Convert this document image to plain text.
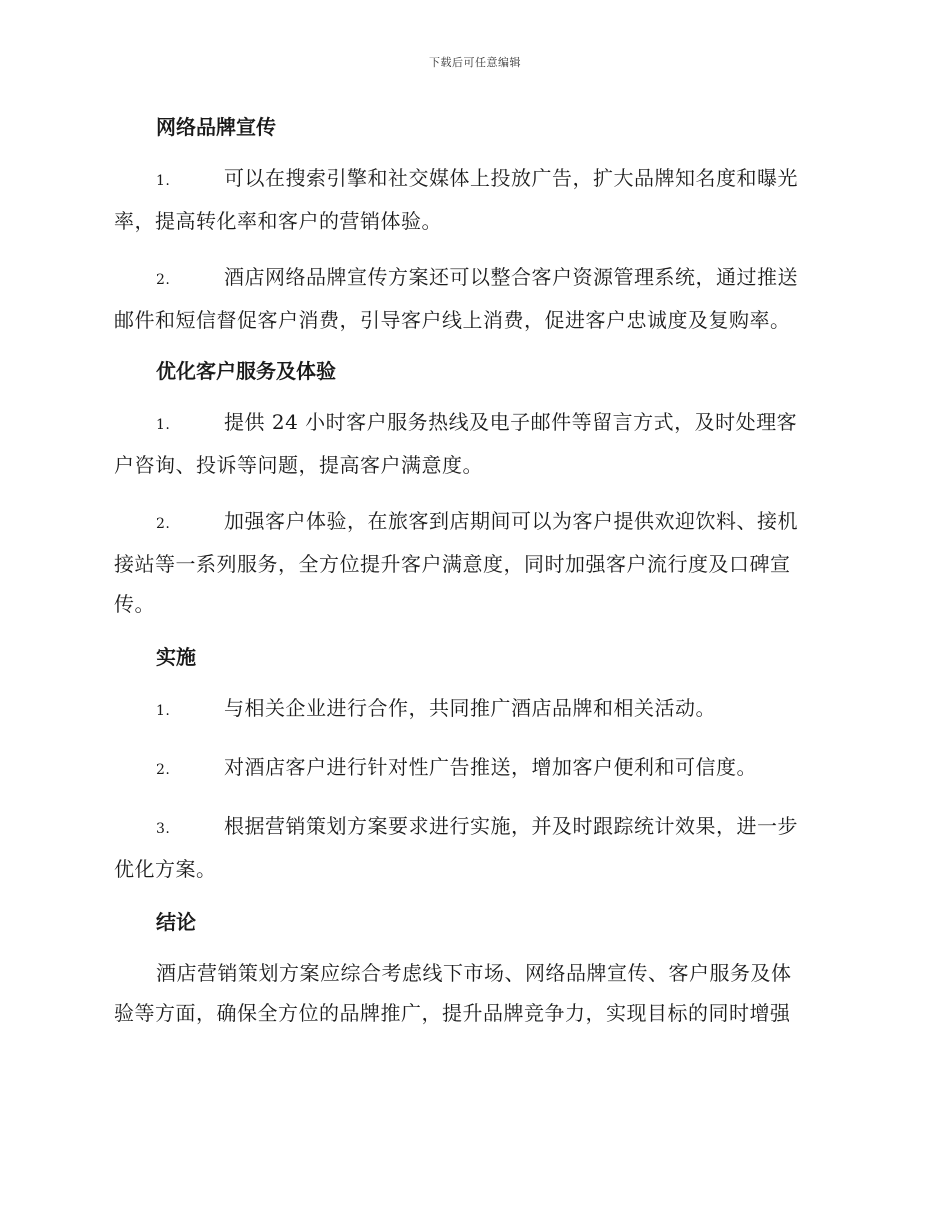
下载后可任意编辑
网络品牌宣传

1.	可以在搜索引擎和社交媒体上投放广告，扩大品牌知名度和曝光

率，提高转化率和客户的营销体验。

2.	酒店网络品牌宣传方案还可以整合客户资源管理系统，通过推送

邮件和短信督促客户消费，引导客户线上消费，促进客户忠诚度及复购率。

优化客户服务及体验

1.	提供 24 小时客户服务热线及电子邮件等留言方式，及时处理客

户咨询、投诉等问题，提高客户满意度。

2.	加强客户体验，在旅客到店期间可以为客户提供欢迎饮料、接机

接站等一系列服务，全方位提升客户满意度，同时加强客户流行度及口碑宣

传。

实施

1.	与相关企业进行合作，共同推广酒店品牌和相关活动。

2.	对酒店客户进行针对性广告推送，增加客户便利和可信度。

3.	根据营销策划方案要求进行实施，并及时跟踪统计效果，进一步

优化方案。

结论

酒店营销策划方案应综合考虑线下市场、网络品牌宣传、客户服务及体

验等方面，确保全方位的品牌推广，提升品牌竞争力，实现目标的同时增强
